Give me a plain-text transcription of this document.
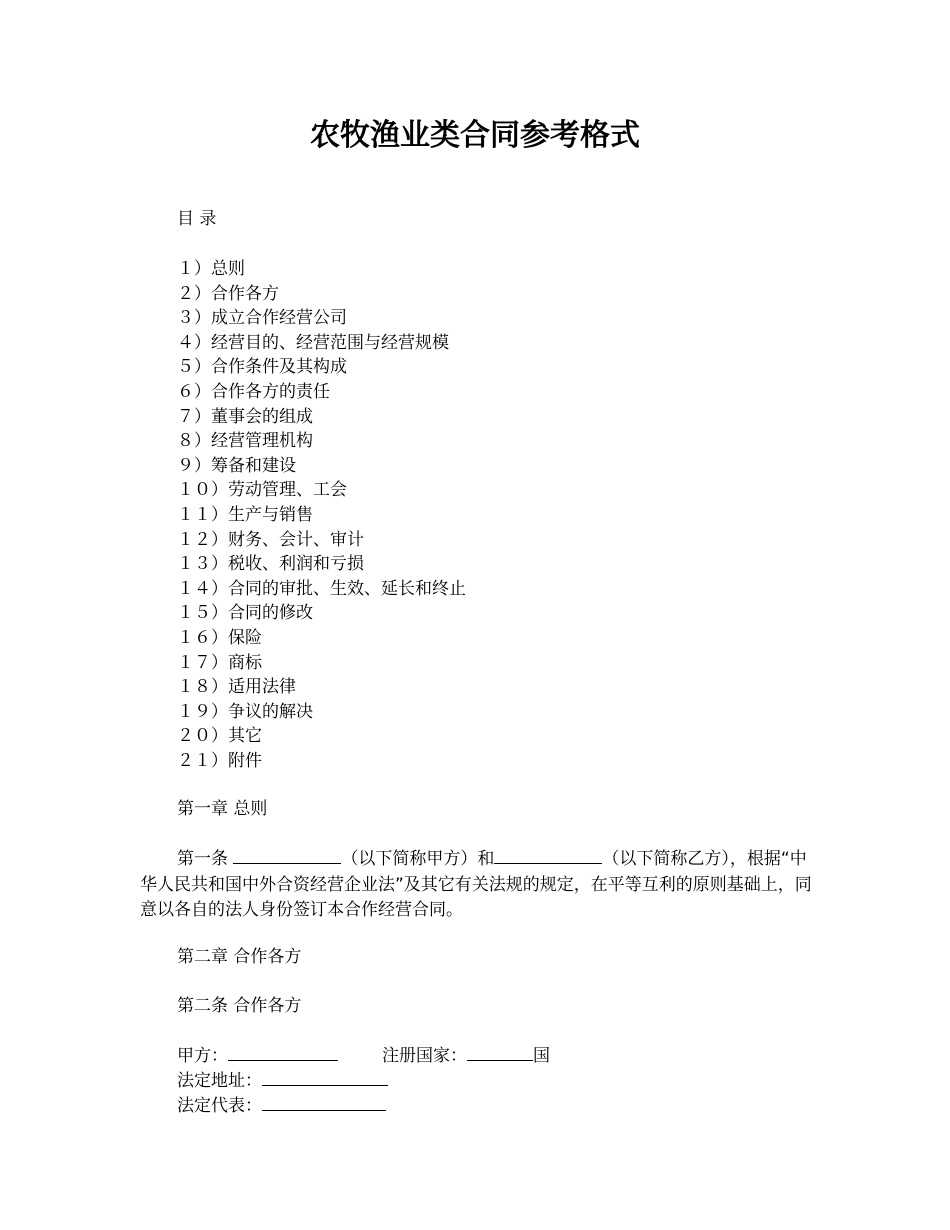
农牧渔业类合同参考格式

目 录

１）总则
２）合作各方
３）成立合作经营公司
４）经营目的、经营范围与经营规模
５）合作条件及其构成
６）合作各方的责任
７）董事会的组成
８）经营管理机构
９）筹备和建设
１０）劳动管理、工会
１１）生产与销售
１２）财务、会计、审计
１３）税收、利润和亏损
１４）合同的审批、生效、延长和终止
１５）合同的修改
１６）保险
１７）商标
１８）适用法律
１９）争议的解决
２０）其它
２１）附件

第一章 总则

第一条	（以下简称甲方）和	（以下简称乙方），根据“中华人民共和国中外合资经营企业法”及其它有关法规的规定，在平等互利的原则基础上，同意以各自的法人身份签订本合作经营合同。

第二章 合作各方

第二条 合作各方

甲方：	注册国家：	国

法定地址：

法定代表：
